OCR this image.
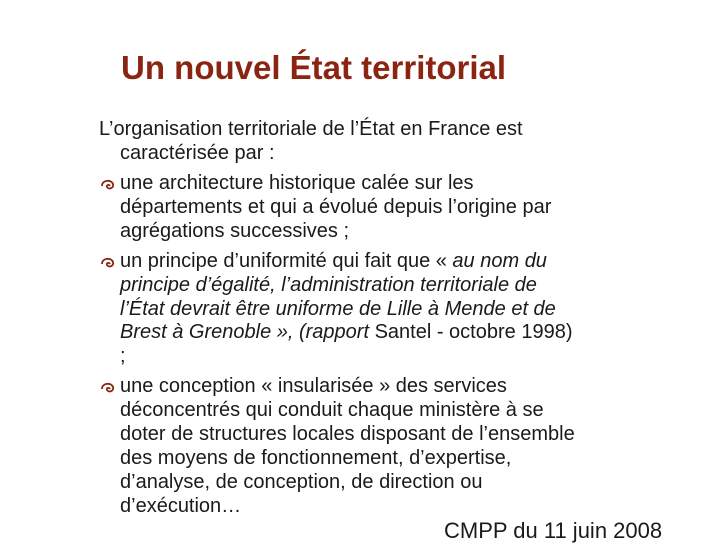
Un nouvel État territorial
L’organisation territoriale de l’État en France est
caractérisée par :
une architecture historique calée sur les
départements et qui a évolué depuis l’origine par
agrégations successives ;
un principe d’uniformité qui fait que « au nom du
principe d’égalité, l’administration territoriale de
l’État devrait être uniforme de Lille à Mende et de
Brest à Grenoble », (rapport Santel - octobre 1998)
;
une conception « insularisée » des services
déconcentrés qui conduit chaque ministère à se
doter de structures locales disposant de l’ensemble
des moyens de fonctionnement, d’expertise,
d’analyse, de conception, de direction ou
d’exécution…
CMPP du 11 juin 2008
